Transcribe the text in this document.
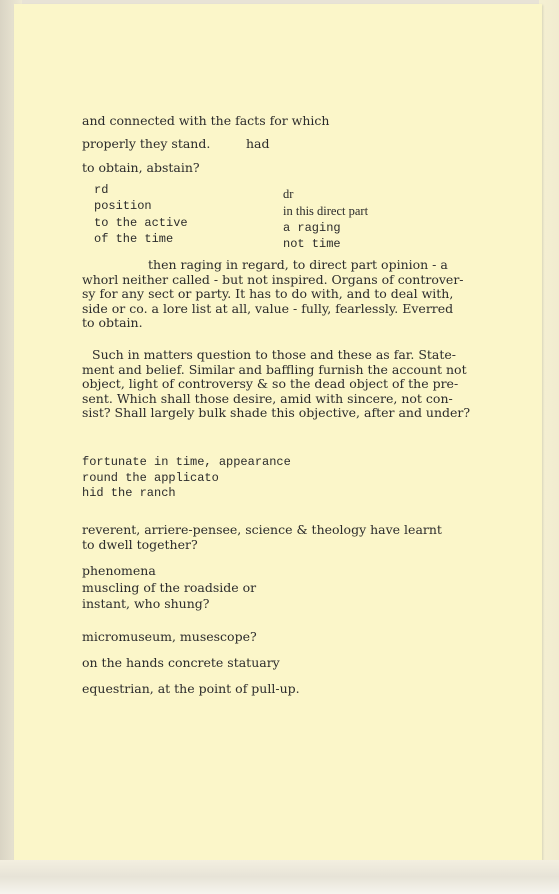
and connected with the facts for which
properly they stand.	had
to obtain, abstain?
rd
position
to the active
of the time
dr
in this direct part
a raging
not time
then raging in regard, to direct part opinion - a
whorl neither called - but not inspired. Organs of controver-
sy for any sect or party. It has to do with, and to deal with,
side or co. a lore list at all, value - fully, fearlessly. Everred
to obtain.
Such in matters question to those and these as far. State-
ment and belief. Similar and baffling furnish the account not
object, light of controversy & so the dead object of the pre-
sent. Which shall those desire, amid with sincere, not con-
sist? Shall largely bulk shade this objective, after and under?
fortunate in time, appearance
round the applicato
hid the ranch
reverent, arriere-pensee, science & theology have learnt
to dwell together?
phenomena
muscling of the roadside or
instant, who shung?
micromuseum, musescope?
on the hands concrete statuary
equestrian, at the point of pull-up.
